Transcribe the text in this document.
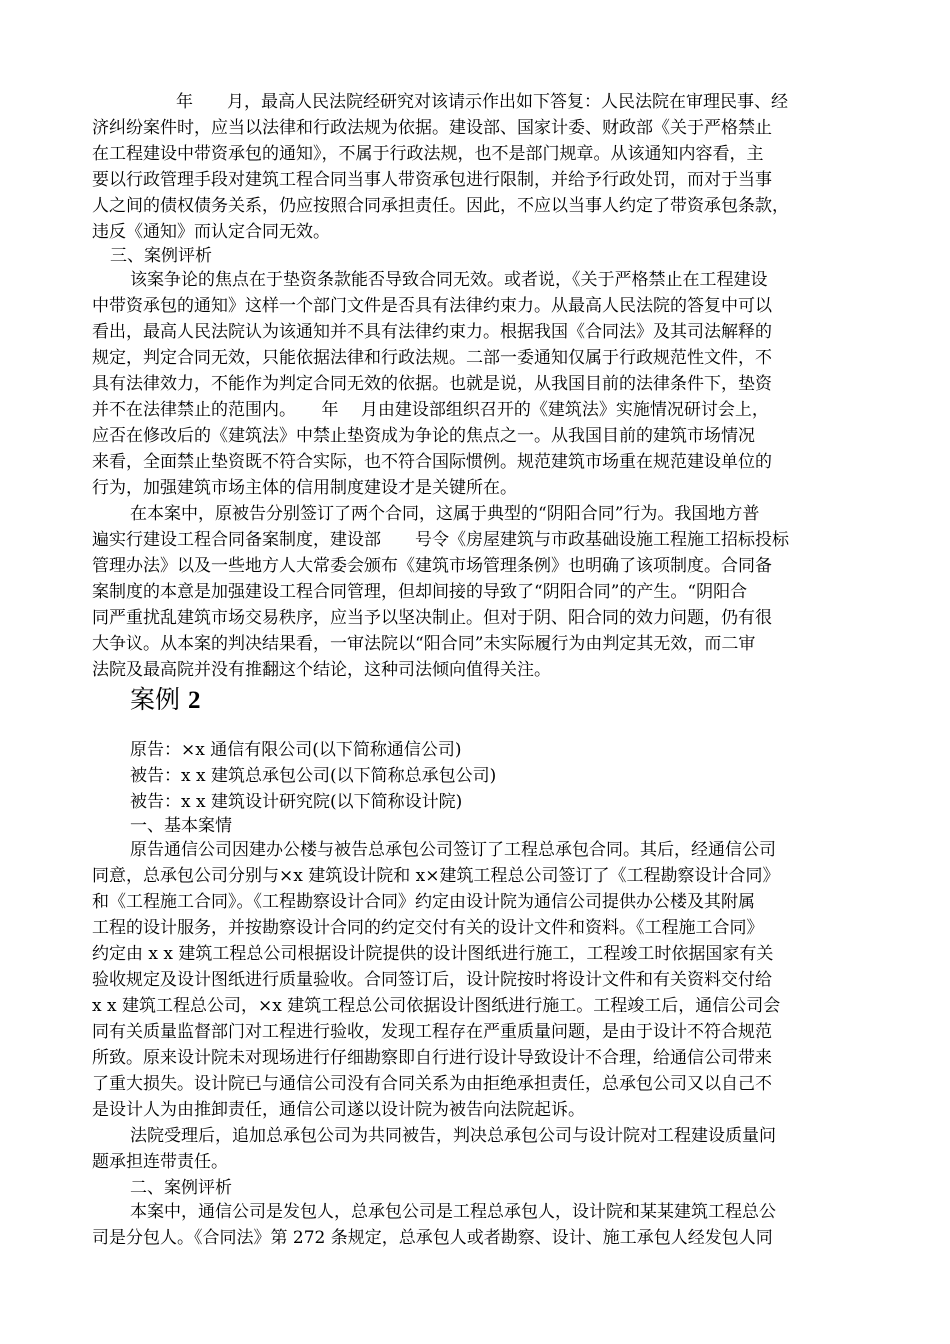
年　　月，最高人民法院经研究对该请示作出如下答复：人民法院在审理民事、经
济纠纷案件时，应当以法律和行政法规为依据。建设部、国家计委、财政部《关于严格禁止
在工程建设中带资承包的通知》，不属于行政法规，也不是部门规章。从该通知内容看，主
要以行政管理手段对建筑工程合同当事人带资承包进行限制，并给予行政处罚，而对于当事
人之间的债权债务关系，仍应按照合同承担责任。因此，不应以当事人约定了带资承包条款，
违反《通知》而认定合同无效。
三、案例评析
该案争论的焦点在于垫资条款能否导致合同无效。或者说，《关于严格禁止在工程建设
中带资承包的通知》这样一个部门文件是否具有法律约束力。从最高人民法院的答复中可以
看出，最高人民法院认为该通知并不具有法律约束力。根据我国《合同法》及其司法解释的
规定，判定合同无效，只能依据法律和行政法规。二部一委通知仅属于行政规范性文件，不
具有法律效力，不能作为判定合同无效的依据。也就是说，从我国目前的法律条件下，垫资
并不在法律禁止的范围内。　　年　 月由建设部组织召开的《建筑法》实施情况研讨会上，
应否在修改后的《建筑法》中禁止垫资成为争论的焦点之一。从我国目前的建筑市场情况
来看，全面禁止垫资既不符合实际，也不符合国际惯例。规范建筑市场重在规范建设单位的
行为，加强建筑市场主体的信用制度建设才是关键所在。
在本案中，原被告分别签订了两个合同，这属于典型的“阴阳合同”行为。我国地方普
遍实行建设工程合同备案制度，建设部　　号令《房屋建筑与市政基础设施工程施工招标投标
管理办法》以及一些地方人大常委会颁布《建筑市场管理条例》也明确了该项制度。合同备
案制度的本意是加强建设工程合同管理，但却间接的导致了“阴阳合同”的产生。“阴阳合
同严重扰乱建筑市场交易秩序，应当予以坚决制止。但对于阴、阳合同的效力问题，仍有很
大争议。从本案的判决结果看，一审法院以“阳合同”未实际履行为由判定其无效，而二审
法院及最高院并没有推翻这个结论，这种司法倾向值得关注。
案例 2
原告：×x 通信有限公司(以下简称通信公司)
被告：x x 建筑总承包公司(以下简称总承包公司)
被告：x x 建筑设计研究院(以下简称设计院)
一、基本案情
原告通信公司因建办公楼与被告总承包公司签订了工程总承包合同。其后，经通信公司
同意，总承包公司分别与×x 建筑设计院和 x×建筑工程总公司签订了《工程勘察设计合同》
和《工程施工合同》。《工程勘察设计合同》约定由设计院为通信公司提供办公楼及其附属
工程的设计服务，并按勘察设计合同的约定交付有关的设计文件和资料。《工程施工合同》
约定由 x x 建筑工程总公司根据设计院提供的设计图纸进行施工，工程竣工时依据国家有关
验收规定及设计图纸进行质量验收。合同签订后，设计院按时将设计文件和有关资料交付给
x x 建筑工程总公司，×x 建筑工程总公司依据设计图纸进行施工。工程竣工后，通信公司会
同有关质量监督部门对工程进行验收，发现工程存在严重质量问题，是由于设计不符合规范
所致。原来设计院未对现场进行仔细勘察即自行进行设计导致设计不合理，给通信公司带来
了重大损失。设计院已与通信公司没有合同关系为由拒绝承担责任，总承包公司又以自己不
是设计人为由推卸责任，通信公司遂以设计院为被告向法院起诉。
法院受理后，追加总承包公司为共同被告，判决总承包公司与设计院对工程建设质量问
题承担连带责任。
二、案例评析
本案中，通信公司是发包人，总承包公司是工程总承包人，设计院和某某建筑工程总公
司是分包人。《合同法》第 272 条规定，总承包人或者勘察、设计、施工承包人经发包人同
